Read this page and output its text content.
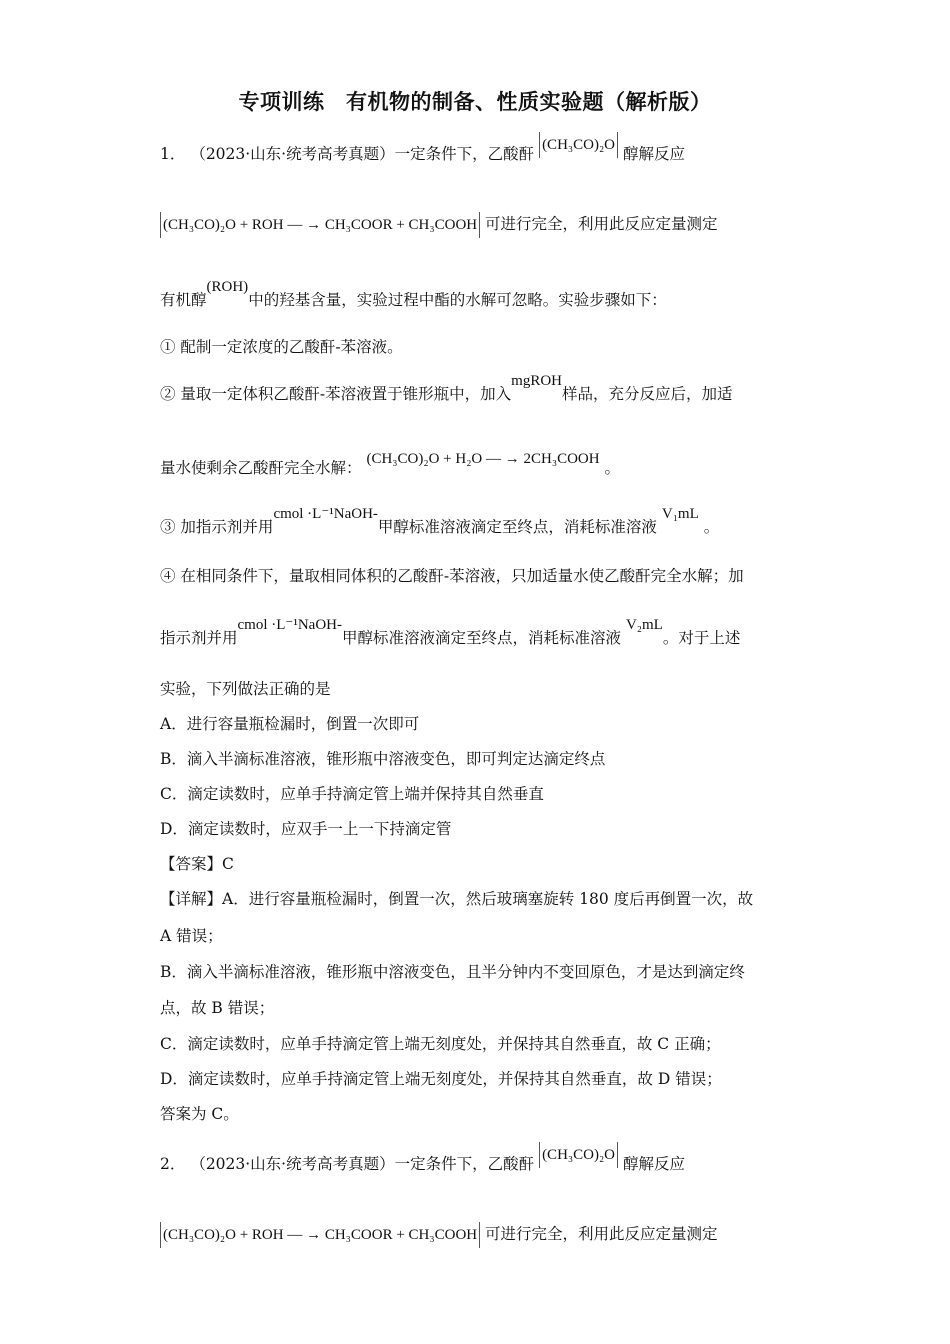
专项训练　有机物的制备、性质实验题（解析版）
1． （2023·山东·统考高考真题）一定条件下，乙酸酐 (CH₃CO)₂O 醇解反应
(CH₃CO)₂O + ROH — → CH₃COOR + CH₃COOH 可进行完全，利用此反应定量测定
有机醇(ROH)中的羟基含量，实验过程中酯的水解可忽略。实验步骤如下：
① 配制一定浓度的乙酸酐-苯溶液。
② 量取一定体积乙酸酐-苯溶液置于锥形瓶中，加入mgROH样品，充分反应后，加适
量水使剩余乙酸酐完全水解： (CH₃CO)₂O + H₂O — → 2CH₃COOH 。
③ 加指示剂并用cmol ·L⁻¹NaOH-甲醇标准溶液滴定至终点，消耗标准溶液 V₁mL 。
④ 在相同条件下，量取相同体积的乙酸酐-苯溶液，只加适量水使乙酸酐完全水解；加
指示剂并用cmol ·L⁻¹NaOH-甲醇标准溶液滴定至终点，消耗标准溶液 V₂mL。对于上述
实验，下列做法正确的是
A．进行容量瓶检漏时，倒置一次即可
B．滴入半滴标准溶液，锥形瓶中溶液变色，即可判定达滴定终点
C．滴定读数时，应单手持滴定管上端并保持其自然垂直
D．滴定读数时，应双手一上一下持滴定管
【答案】C
【详解】A．进行容量瓶检漏时，倒置一次，然后玻璃塞旋转 180 度后再倒置一次，故
A 错误；
B．滴入半滴标准溶液，锥形瓶中溶液变色，且半分钟内不变回原色，才是达到滴定终
点，故 B 错误；
C．滴定读数时，应单手持滴定管上端无刻度处，并保持其自然垂直，故 C 正确；
D．滴定读数时，应单手持滴定管上端无刻度处，并保持其自然垂直，故 D 错误；
答案为 C。
2． （2023·山东·统考高考真题）一定条件下，乙酸酐 (CH₃CO)₂O 醇解反应
(CH₃CO)₂O + ROH — → CH₃COOR + CH₃COOH 可进行完全，利用此反应定量测定
